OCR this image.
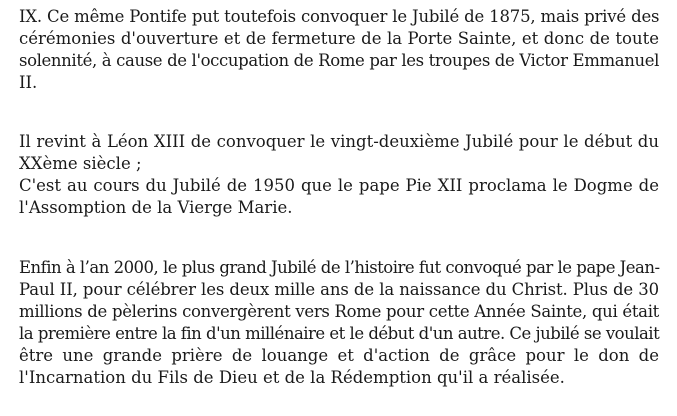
IX. Ce même Pontife put toutefois convoquer le Jubilé de 1875, mais privé des
cérémonies d'ouverture et de fermeture de la Porte Sainte, et donc de toute
solennité, à cause de l'occupation de Rome par les troupes de Victor Emmanuel
II.
Il revint à Léon XIII de convoquer le vingt-deuxième Jubilé pour le début du
XXème siècle ;
C'est au cours du Jubilé de 1950 que le pape Pie XII proclama le Dogme de
l'Assomption de la Vierge Marie.
Enfin à l’an 2000, le plus grand Jubilé de l’histoire fut convoqué par le pape Jean-
Paul II, pour célébrer les deux mille ans de la naissance du Christ. Plus de 30
millions de pèlerins convergèrent vers Rome pour cette Année Sainte, qui était
la première entre la fin d'un millénaire et le début d'un autre. Ce jubilé se voulait
être une grande prière de louange et d'action de grâce pour le don de
l'Incarnation du Fils de Dieu et de la Rédemption qu'il a réalisée.
